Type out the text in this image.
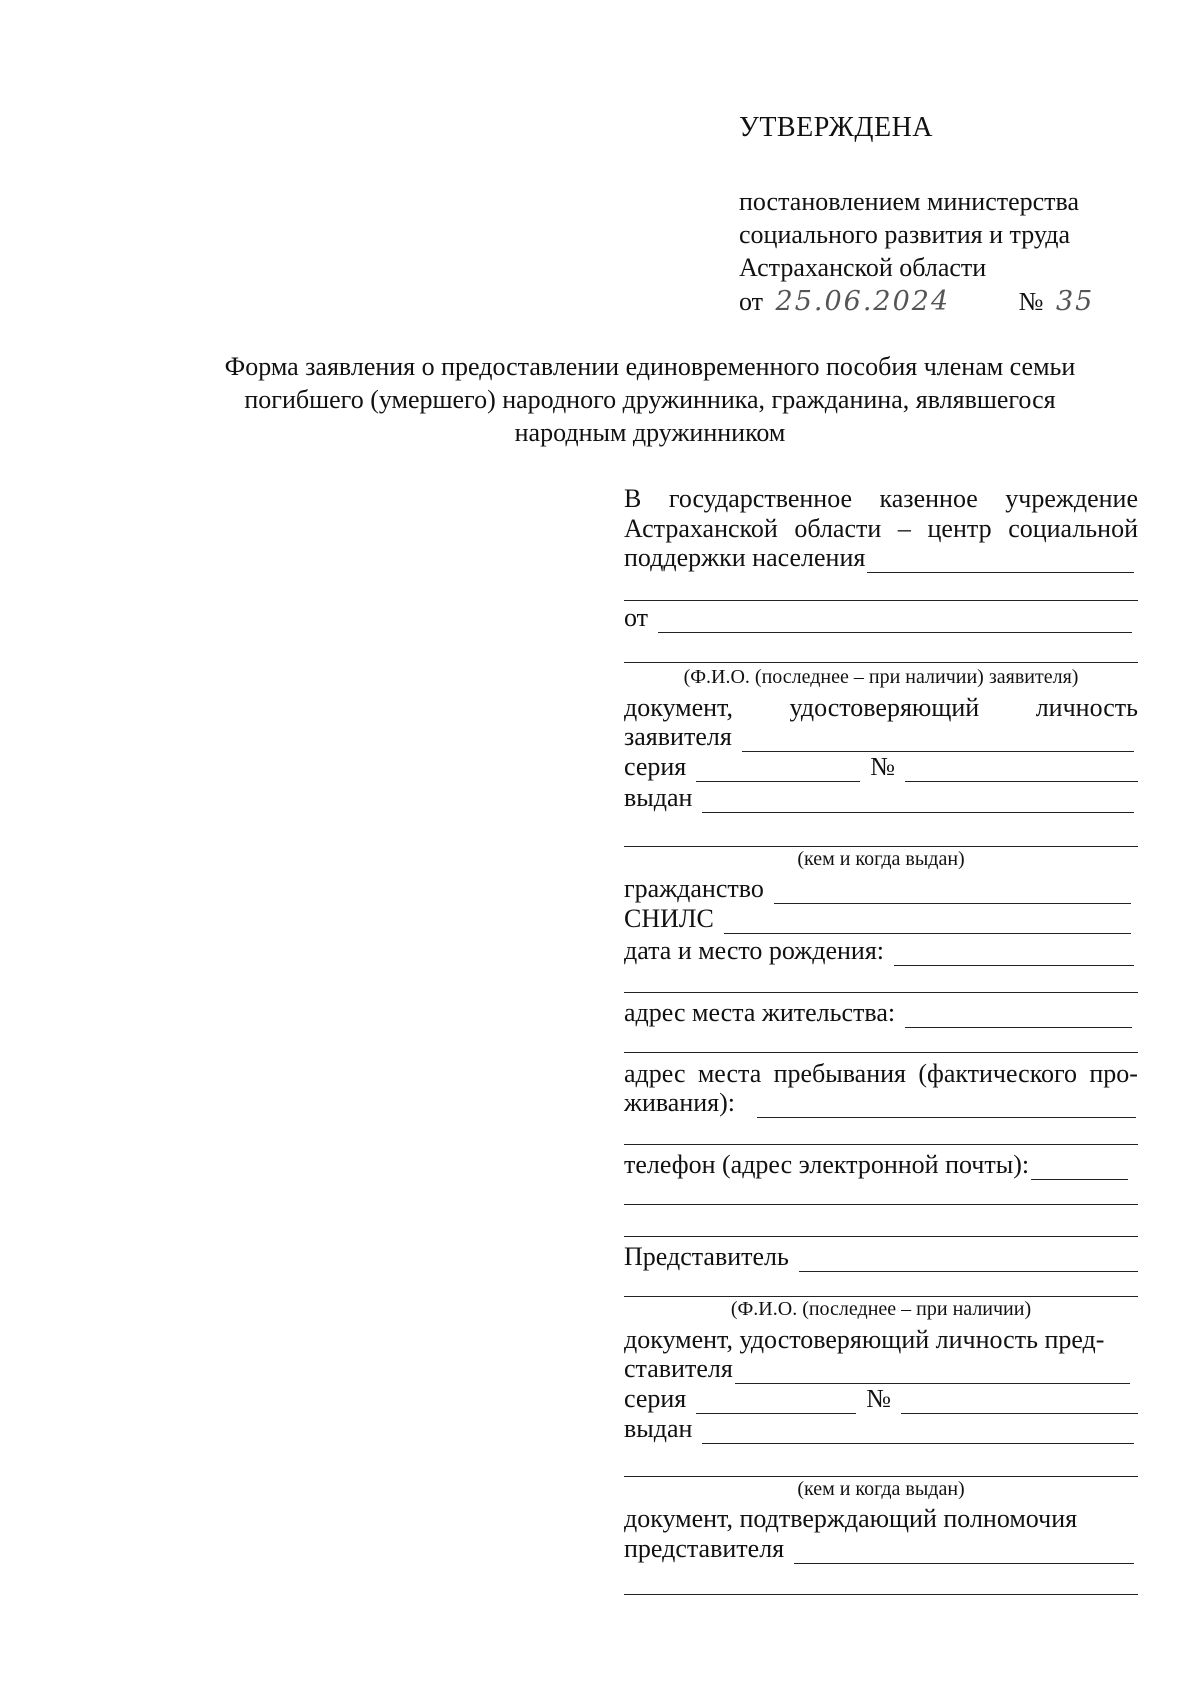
УТВЕРЖДЕНА
постановлением министерства
социального развития и труда
Астраханской области
от 25.06.2024	№ 35
Форма заявления о предоставлении единовременного пособия членам семьи
погибшего (умершего) народного дружинника, гражданина, являвшегося
народным дружинником
В государственное казенное учреждение
Астраханской области – центр социальной
поддержки населения
от
(Ф.И.О. (последнее – при наличии) заявителя)
документ, удостоверяющий личность
заявителя
серия	№
выдан
(кем и когда выдан)
гражданство
СНИЛС
дата и место рождения:
адрес места жительства:
адрес места пребывания (фактического про-
живания):
телефон (адрес электронной почты):
Представитель
(Ф.И.О. (последнее – при наличии)
документ, удостоверяющий личность пред-
ставителя
серия	№
выдан
(кем и когда выдан)
документ, подтверждающий полномочия
представителя
